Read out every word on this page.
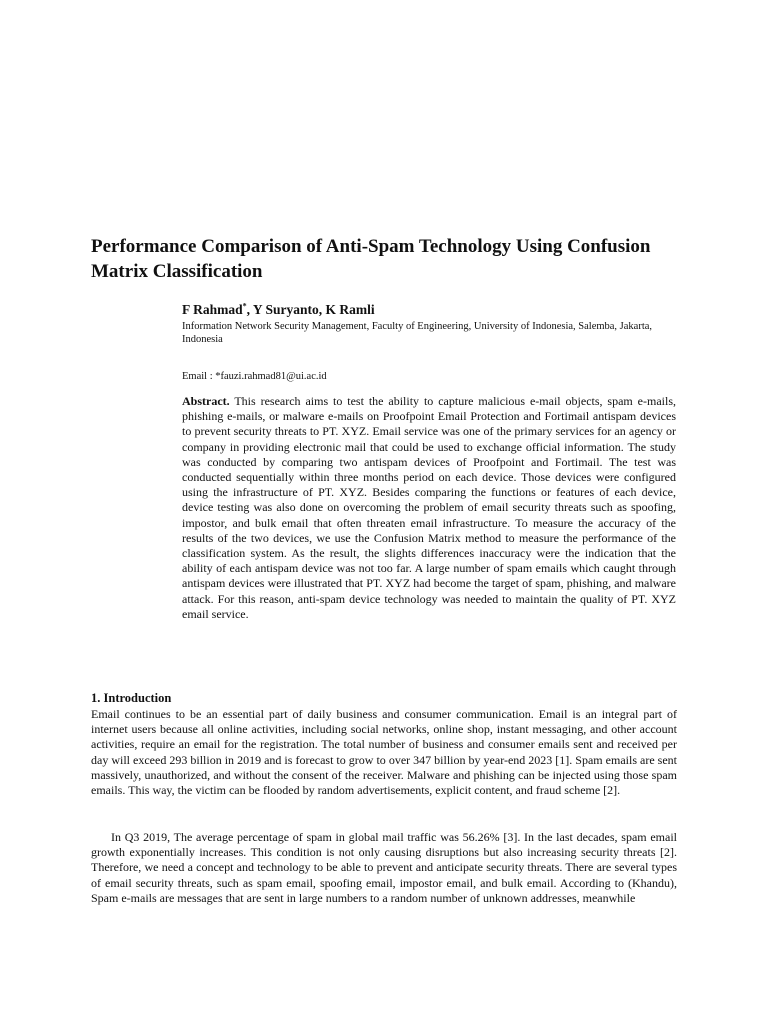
Performance Comparison of Anti-Spam Technology Using Confusion Matrix Classification

F Rahmad*, Y Suryanto, K Ramli

Information Network Security Management, Faculty of Engineering, University of Indonesia, Salemba, Jakarta, Indonesia

Email : *fauzi.rahmad81@ui.ac.id

Abstract. This research aims to test the ability to capture malicious e-mail objects, spam e-mails, phishing e-mails, or malware e-mails on Proofpoint Email Protection and Fortimail antispam devices to prevent security threats to PT. XYZ. Email service was one of the primary services for an agency or company in providing electronic mail that could be used to exchange official information. The study was conducted by comparing two antispam devices of Proofpoint and Fortimail. The test was conducted sequentially within three months period on each device. Those devices were configured using the infrastructure of PT. XYZ. Besides comparing the functions or features of each device, device testing was also done on overcoming the problem of email security threats such as spoofing, impostor, and bulk email that often threaten email infrastructure. To measure the accuracy of the results of the two devices, we use the Confusion Matrix method to measure the performance of the classification system. As the result, the slights differences inaccuracy were the indication that the ability of each antispam device was not too far. A large number of spam emails which caught through antispam devices were illustrated that PT. XYZ had become the target of spam, phishing, and malware attack. For this reason, anti-spam device technology was needed to maintain the quality of PT. XYZ email service.

1. Introduction

Email continues to be an essential part of daily business and consumer communication. Email is an integral part of internet users because all online activities, including social networks, online shop, instant messaging, and other account activities, require an email for the registration. The total number of business and consumer emails sent and received per day will exceed 293 billion in 2019 and is forecast to grow to over 347 billion by year-end 2023 [1]. Spam emails are sent massively, unauthorized, and without the consent of the receiver. Malware and phishing can be injected using those spam emails. This way, the victim can be flooded by random advertisements, explicit content, and fraud scheme [2].

In Q3 2019, The average percentage of spam in global mail traffic was 56.26% [3]. In the last decades, spam email growth exponentially increases. This condition is not only causing disruptions but also increasing security threats [2]. Therefore, we need a concept and technology to be able to prevent and anticipate security threats. There are several types of email security threats, such as spam email, spoofing email, impostor email, and bulk email. According to (Khandu), Spam e-mails are messages that are sent in large numbers to a random number of unknown addresses, meanwhile
